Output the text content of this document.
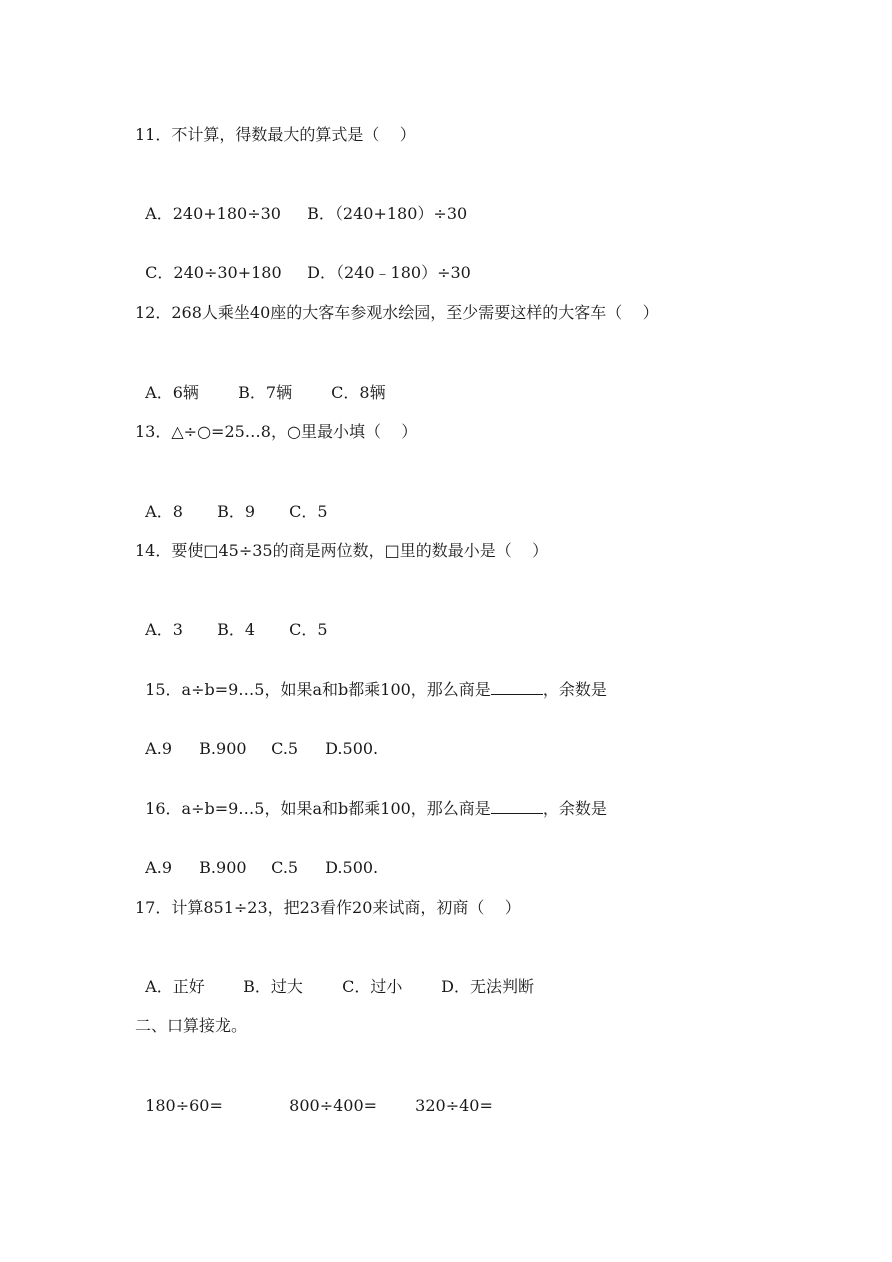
11．不计算，得数最大的算式是（    ）

A．240+180÷30 B．（240+180）÷30

C．240÷30+180 D．（240﹣180）÷30

12．268人乘坐40座的大客车参观水绘园，至少需要这样的大客车（    ）

A．6辆 B．7辆 C．8辆

13．△÷○=25…8，○里最小填（    ）

A．8 B．9 C．5

14．要使□45÷35的商是两位数，□里的数最小是（    ）

A．3 B．4 C．5

15．a÷b=9…5，如果a和b都乘100，那么商是	，余数是

A.9 B.900 C.5 D.500.

16．a÷b=9…5，如果a和b都乘100，那么商是	，余数是

A.9 B.900 C.5 D.500.

17．计算851÷23，把23看作20来试商，初商（    ）

A．正好 B．过大 C．过小 D．无法判断

二、口算接龙。

180÷60=	800÷400= 320÷40=
